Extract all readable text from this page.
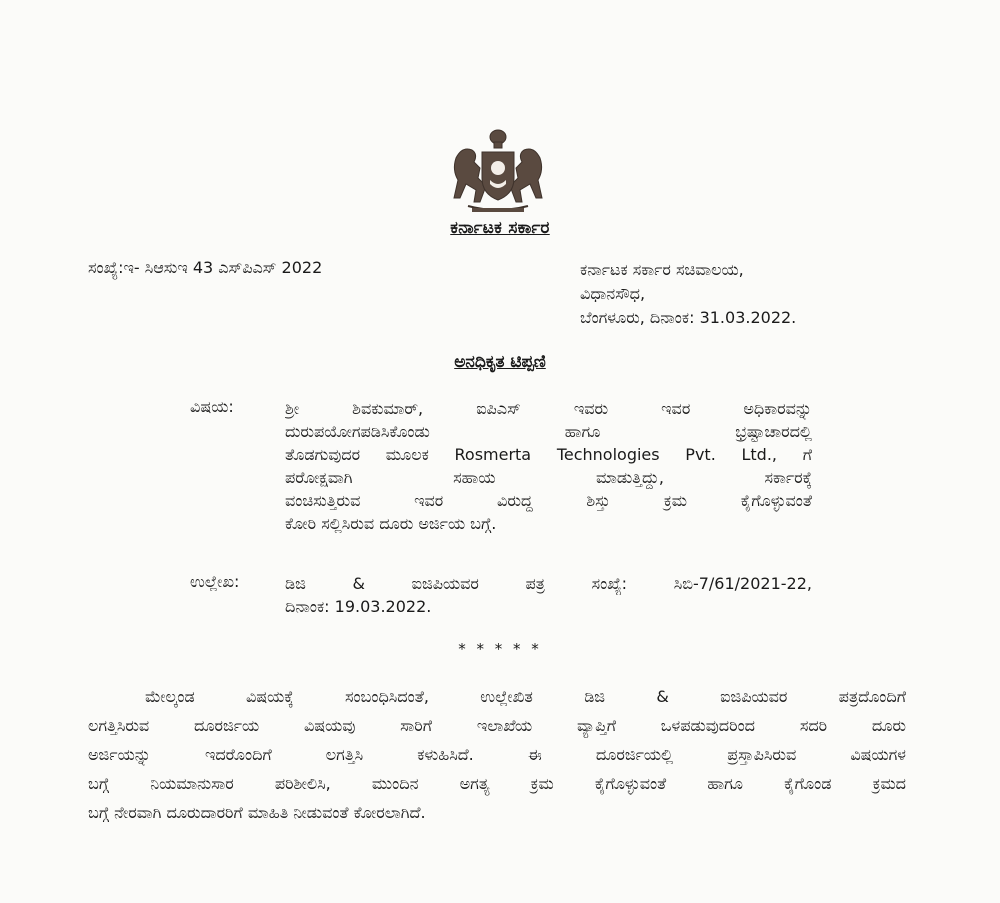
ಕರ್ನಾಟಕ ಸರ್ಕಾರ
ಸಂಖ್ಯೆ:ಇ- ಸಿಆಸುಇ 43 ಎಸ್‌ಪಿಎಸ್ 2022	ಕರ್ನಾಟಕ ಸರ್ಕಾರ ಸಚಿವಾಲಯ,
ವಿಧಾನಸೌಧ,
ಬೆಂಗಳೂರು, ದಿನಾಂಕ: 31.03.2022.
ಅನಧಿಕೃತ ಟಿಪ್ಪಣಿ
ವಿಷಯ:	ಶ್ರೀ ಶಿವಕುಮಾರ್, ಐಪಿಎಸ್ ಇವರು ಇವರ ಅಧಿಕಾರವನ್ನು
ದುರುಪಯೋಗಪಡಿಸಿಕೊಂಡು ಹಾಗೂ ಭ್ರಷ್ಟಾಚಾರದಲ್ಲಿ
ತೊಡಗುವುದರ ಮೂಲಕ Rosmerta Technologies Pvt. Ltd., ಗೆ
ಪರೋಕ್ಷವಾಗಿ ಸಹಾಯ ಮಾಡುತ್ತಿದ್ದು, ಸರ್ಕಾರಕ್ಕೆ
ವಂಚಿಸುತ್ತಿರುವ ಇವರ ವಿರುದ್ಧ ಶಿಸ್ತು ಕ್ರಮ ಕೈಗೊಳ್ಳುವಂತೆ
ಕೋರಿ ಸಲ್ಲಿಸಿರುವ ದೂರು ಅರ್ಜಿಯ ಬಗ್ಗೆ.
ಉಲ್ಲೇಖ:	ಡಿಜಿ & ಐಜಿಪಿಯವರ ಪತ್ರ ಸಂಖ್ಯೆ: ಸಿಬಿ-7/61/2021-22,
ದಿನಾಂಕ: 19.03.2022.
* * * * *
ಮೇಲ್ಕಂಡ ವಿಷಯಕ್ಕೆ ಸಂಬಂಧಿಸಿದಂತೆ, ಉಲ್ಲೇಖಿತ ಡಿಜಿ & ಐಜಿಪಿಯವರ ಪತ್ರದೊಂದಿಗೆ
ಲಗತ್ತಿಸಿರುವ ದೂರರ್ಜಿಯ ವಿಷಯವು ಸಾರಿಗೆ ಇಲಾಖೆಯ ವ್ಯಾಪ್ತಿಗೆ ಒಳಪಡುವುದರಿಂದ ಸದರಿ ದೂರು
ಅರ್ಜಿಯನ್ನು ಇದರೊಂದಿಗೆ ಲಗತ್ತಿಸಿ ಕಳುಹಿಸಿದೆ. ಈ ದೂರರ್ಜಿಯಲ್ಲಿ ಪ್ರಸ್ತಾಪಿಸಿರುವ ವಿಷಯಗಳ
ಬಗ್ಗೆ ನಿಯಮಾನುಸಾರ ಪರಿಶೀಲಿಸಿ, ಮುಂದಿನ ಅಗತ್ಯ ಕ್ರಮ ಕೈಗೊಳ್ಳುವಂತೆ ಹಾಗೂ ಕೈಗೊಂಡ ಕ್ರಮದ
ಬಗ್ಗೆ ನೇರವಾಗಿ ದೂರುದಾರರಿಗೆ ಮಾಹಿತಿ ನೀಡುವಂತೆ ಕೋರಲಾಗಿದೆ.
